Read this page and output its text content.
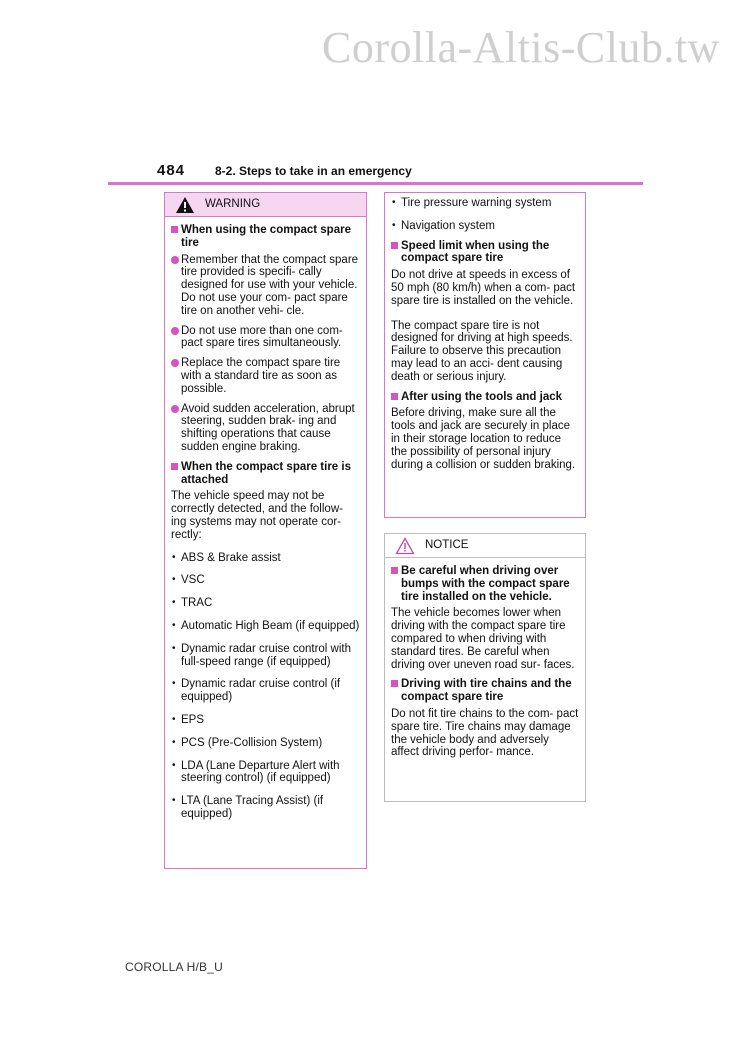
Corolla-Altis-Club.tw
484 8-2. Steps to take in an emergency
WARNING
When using the compact spare tire
Remember that the compact spare tire provided is specifi- cally designed for use with your vehicle. Do not use your com- pact spare tire on another vehi- cle.
Do not use more than one com- pact spare tires simultaneously.
Replace the compact spare tire with a standard tire as soon as possible.
Avoid sudden acceleration, abrupt steering, sudden brak- ing and shifting operations that cause sudden engine braking.
When the compact spare tire is attached
The vehicle speed may not be correctly detected, and the follow- ing systems may not operate cor- rectly:
• ABS & Brake assist
• VSC
• TRAC
• Automatic High Beam (if equipped)
• Dynamic radar cruise control with full-speed range (if equipped)
• Dynamic radar cruise control (if equipped)
• EPS
• PCS (Pre-Collision System)
• LDA (Lane Departure Alert with steering control) (if equipped)
• LTA (Lane Tracing Assist) (if equipped)
• Tire pressure warning system
• Navigation system
Speed limit when using the compact spare tire
Do not drive at speeds in excess of 50 mph (80 km/h) when a com- pact spare tire is installed on the vehicle.
The compact spare tire is not designed for driving at high speeds. Failure to observe this precaution may lead to an acci- dent causing death or serious injury.
After using the tools and jack
Before driving, make sure all the tools and jack are securely in place in their storage location to reduce the possibility of personal injury during a collision or sudden braking.
NOTICE
Be careful when driving over bumps with the compact spare tire installed on the vehicle.
The vehicle becomes lower when driving with the compact spare tire compared to when driving with standard tires. Be careful when driving over uneven road sur- faces.
Driving with tire chains and the compact spare tire
Do not fit tire chains to the com- pact spare tire. Tire chains may damage the vehicle body and adversely affect driving perfor- mance.
COROLLA H/B_U
